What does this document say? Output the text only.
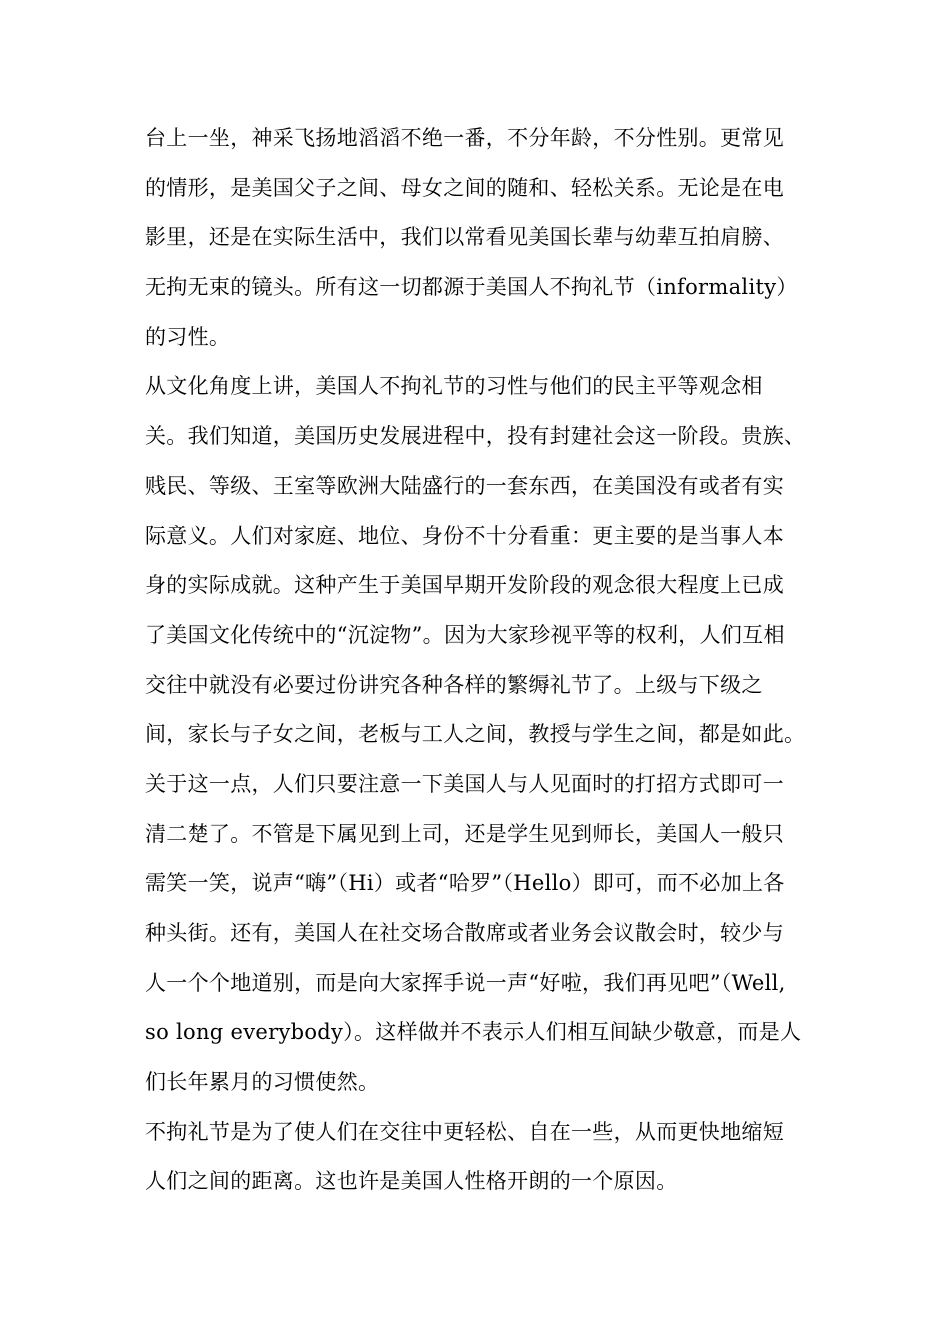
台上一坐，神采飞扬地滔滔不绝一番，不分年龄，不分性别。更常见
的情形，是美国父子之间、母女之间的随和、轻松关系。无论是在电
影里，还是在实际生活中，我们以常看见美国长辈与幼辈互拍肩膀、
无拘无束的镜头。所有这一切都源于美国人不拘礼节（informality）
的习性。
从文化角度上讲，美国人不拘礼节的习性与他们的民主平等观念相
关。我们知道，美国历史发展进程中，投有封建社会这一阶段。贵族、
贱民、等级、王室等欧洲大陆盛行的一套东西，在美国没有或者有实
际意义。人们对家庭、地位、身份不十分看重：更主要的是当事人本
身的实际成就。这种产生于美国早期开发阶段的观念很大程度上已成
了美国文化传统中的“沉淀物”。因为大家珍视平等的权利，人们互相
交往中就没有必要过份讲究各种各样的繁缛礼节了。上级与下级之
间，家长与子女之间，老板与工人之间，教授与学生之间，都是如此。
关于这一点，人们只要注意一下美国人与人见面时的打招方式即可一
清二楚了。不管是下属见到上司，还是学生见到师长，美国人一般只
需笑一笑，说声“嗨”（Hi）或者“哈罗”（Hello）即可，而不必加上各
种头街。还有，美国人在社交场合散席或者业务会议散会时，较少与
人一个个地道别，而是向大家挥手说一声“好啦，我们再见吧”（Well,
so long everybody）。这样做并不表示人们相互间缺少敬意，而是人
们长年累月的习惯使然。
不拘礼节是为了使人们在交往中更轻松、自在一些，从而更快地缩短
人们之间的距离。这也许是美国人性格开朗的一个原因。
